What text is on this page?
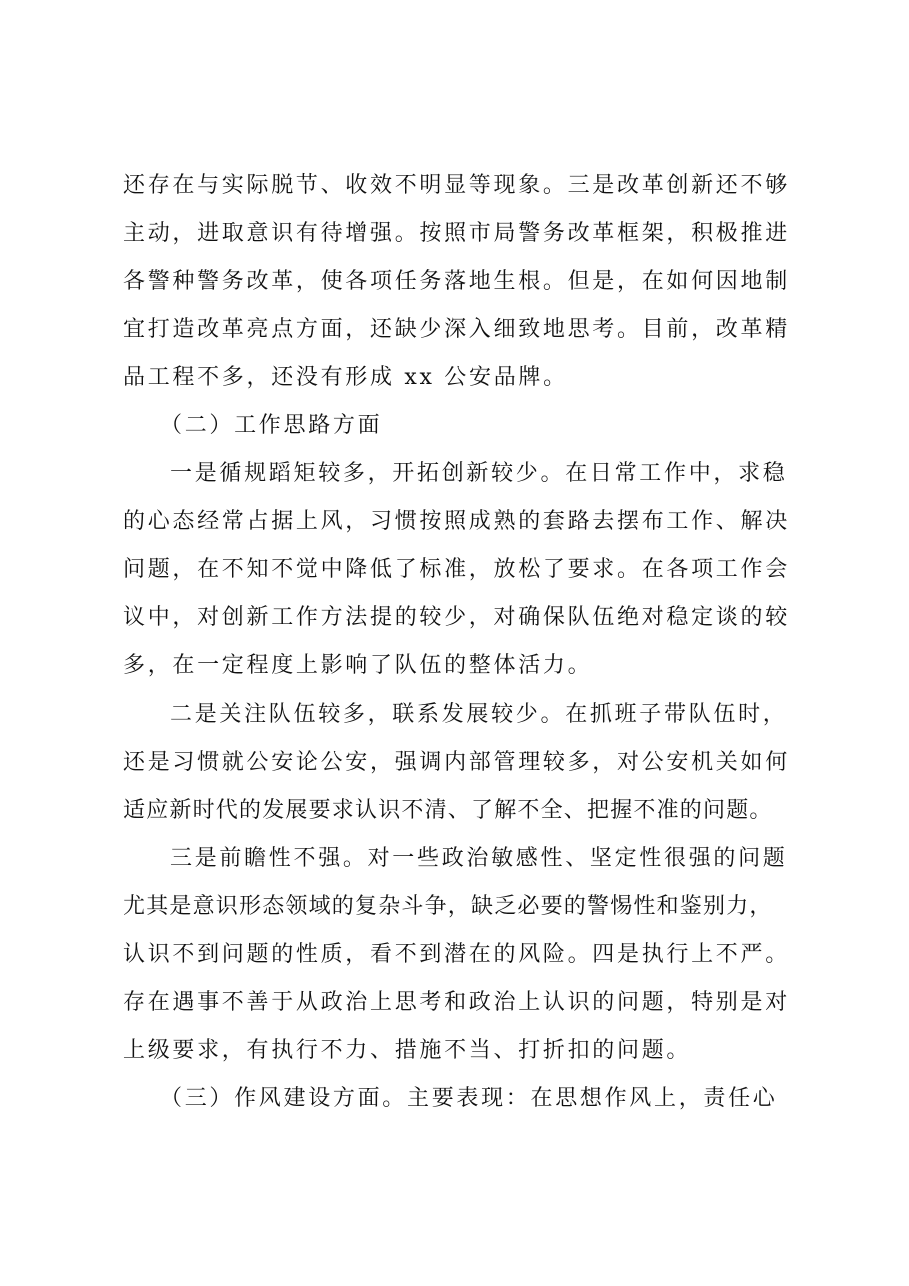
还存在与实际脱节、收效不明显等现象。三是改革创新还不够
主动，进取意识有待增强。按照市局警务改革框架，积极推进
各警种警务改革，使各项任务落地生根。但是，在如何因地制
宜打造改革亮点方面，还缺少深入细致地思考。目前，改革精
品工程不多，还没有形成 xx 公安品牌。
（二）工作思路方面
一是循规蹈矩较多，开拓创新较少。在日常工作中，求稳
的心态经常占据上风，习惯按照成熟的套路去摆布工作、解决
问题，在不知不觉中降低了标准，放松了要求。在各项工作会
议中，对创新工作方法提的较少，对确保队伍绝对稳定谈的较
多，在一定程度上影响了队伍的整体活力。
二是关注队伍较多，联系发展较少。在抓班子带队伍时，
还是习惯就公安论公安，强调内部管理较多，对公安机关如何
适应新时代的发展要求认识不清、了解不全、把握不准的问题。
三是前瞻性不强。对一些政治敏感性、坚定性很强的问题
尤其是意识形态领域的复杂斗争，缺乏必要的警惕性和鉴别力，
认识不到问题的性质，看不到潜在的风险。四是执行上不严。
存在遇事不善于从政治上思考和政治上认识的问题，特别是对
上级要求，有执行不力、措施不当、打折扣的问题。
（三）作风建设方面。主要表现：在思想作风上，责任心
